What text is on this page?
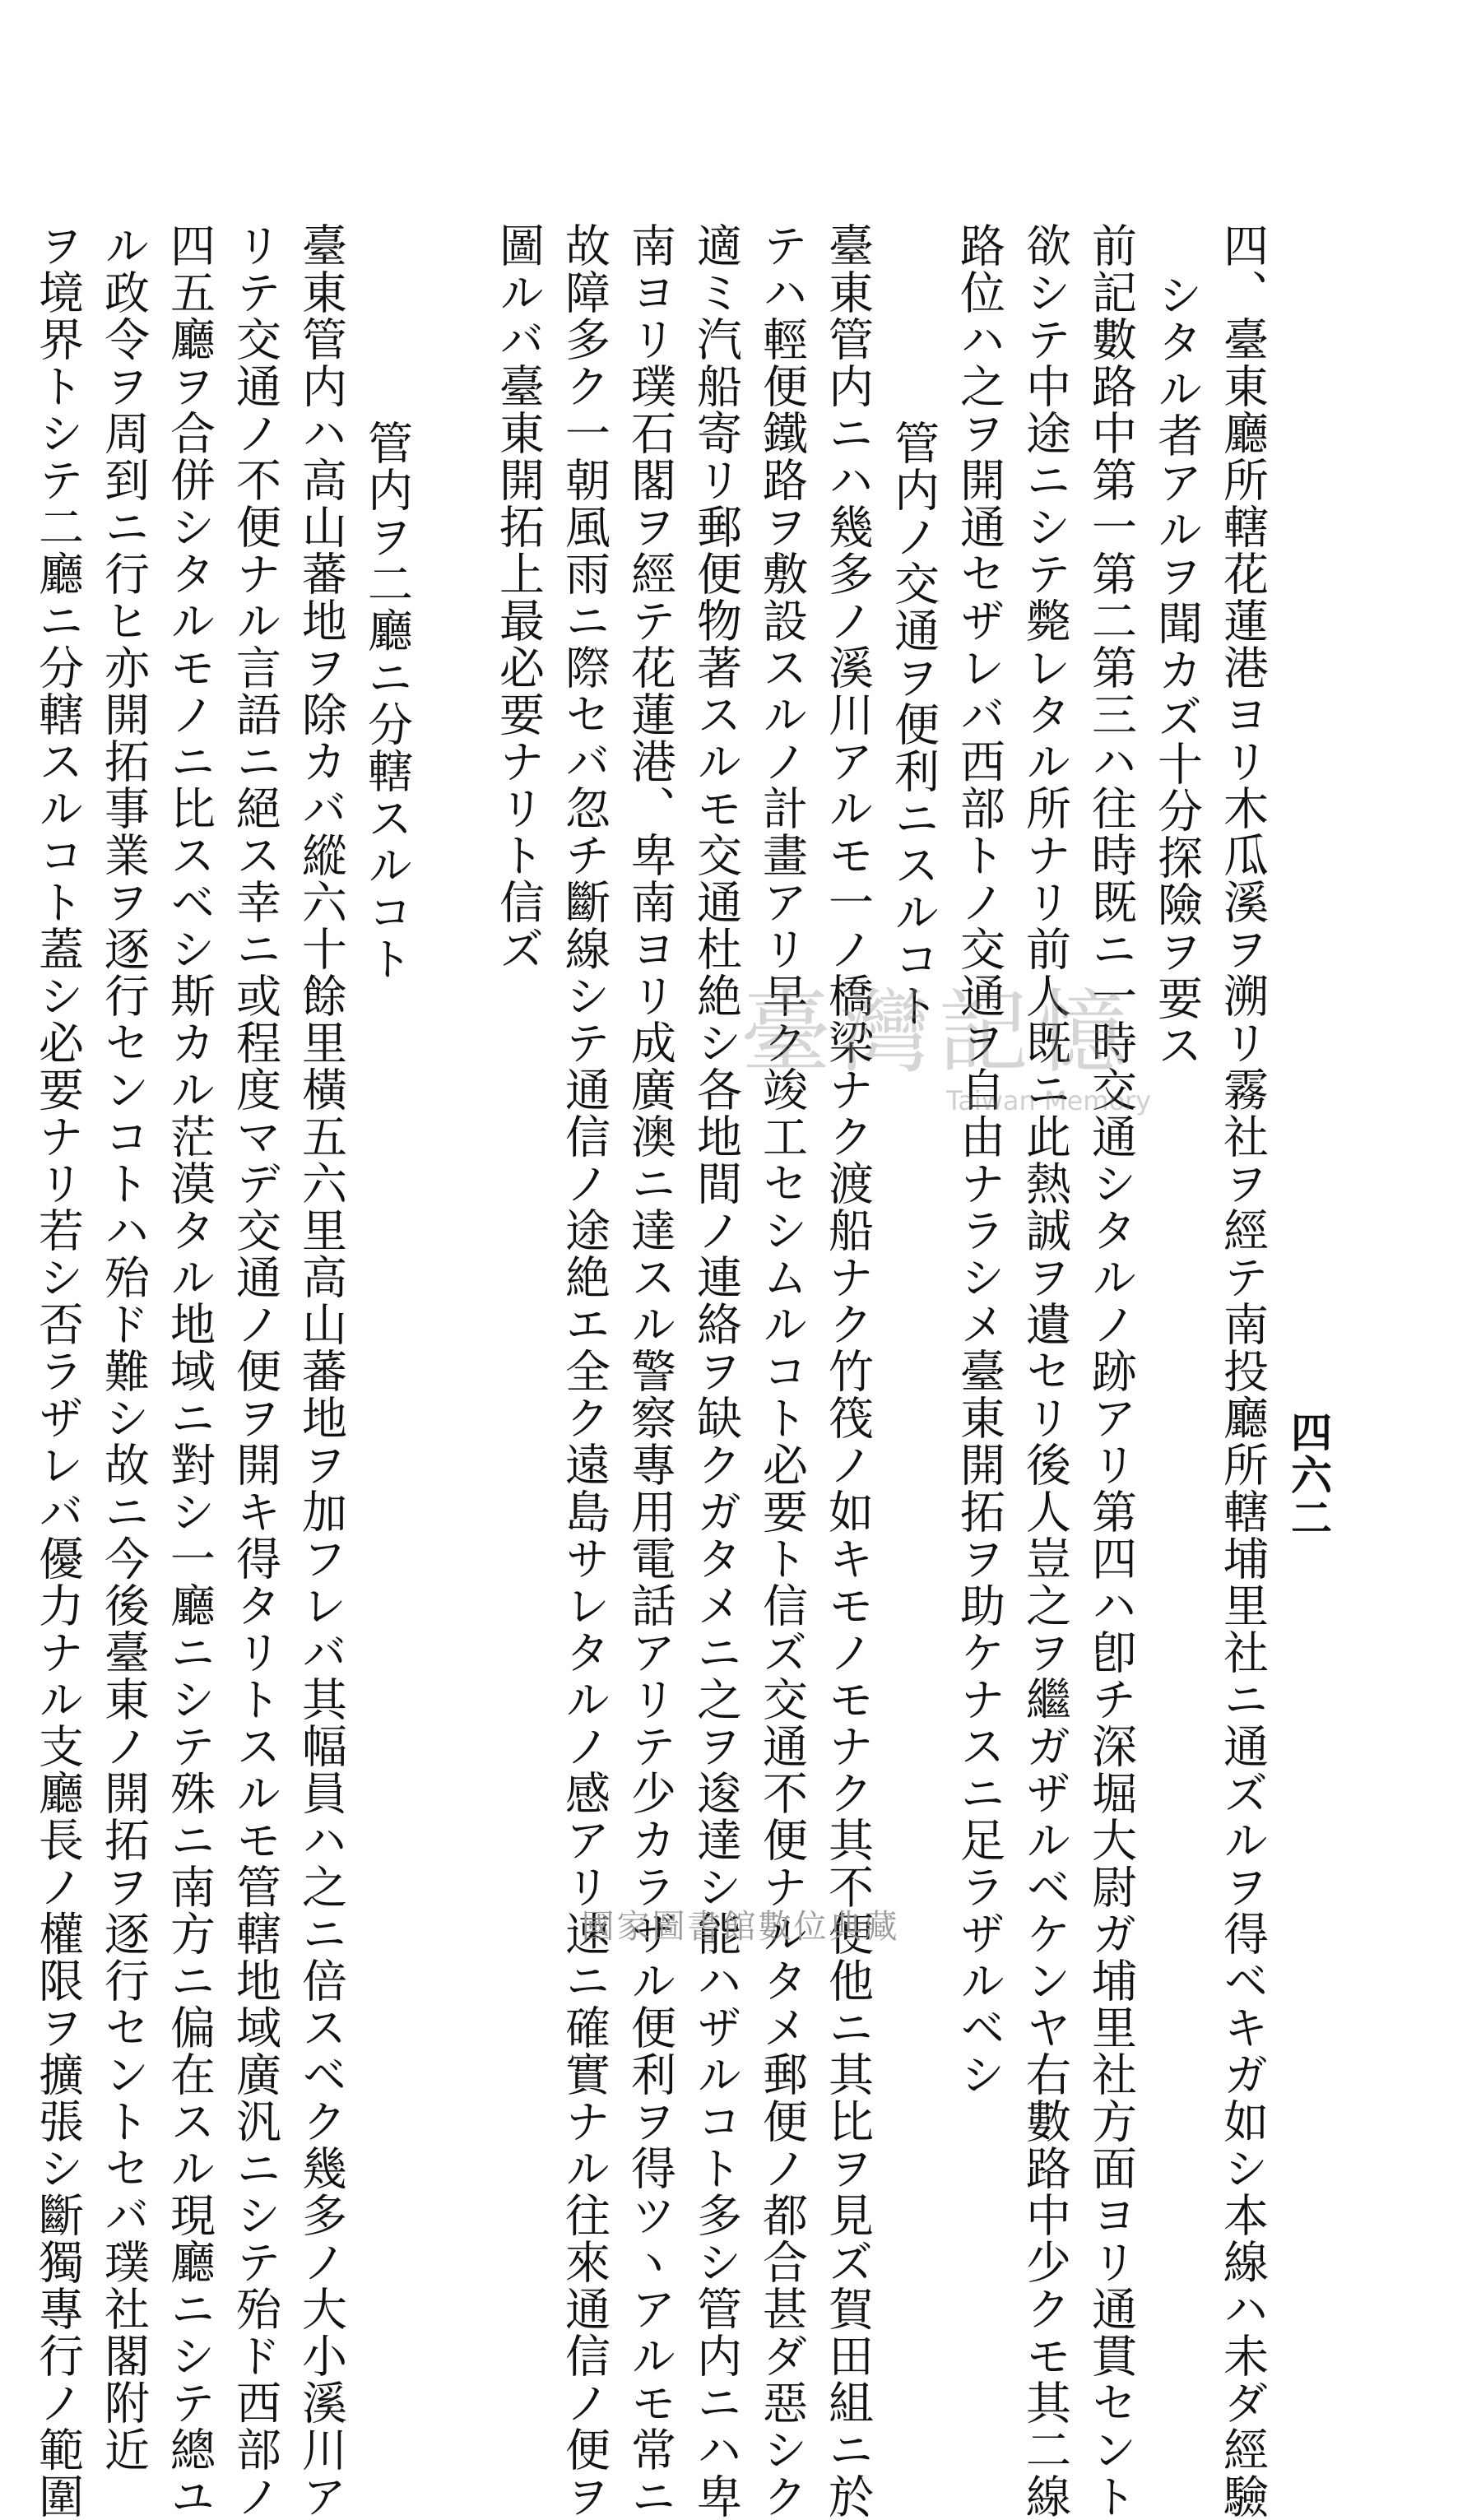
四六二
四、臺東廳所轄花蓮港ヨリ木瓜溪ヲ溯リ霧社ヲ經テ南投廳所轄埔里社ニ通ズルヲ得ベキガ如シ本線ハ未ダ經驗
シタル者アルヲ聞カズ十分探險ヲ要ス
前記數路中第一第二第三ハ往時既ニ一時交通シタルノ跡アリ第四ハ卽チ深堀大尉ガ埔里社方面ヨリ通貫セント
欲シテ中途ニシテ斃レタル所ナリ前人既ニ此熱誠ヲ遺セリ後人豈之ヲ繼ガザルベケンヤ右數路中少クモ其二線
路位ハ之ヲ開通セザレバ西部トノ交通ヲ自由ナラシメ臺東開拓ヲ助ケナスニ足ラザルベシ
管内ノ交通ヲ便利ニスルコト
臺東管内ニハ幾多ノ溪川アルモ一ノ橋梁ナク渡船ナク竹筏ノ如キモノモナク其不便他ニ其比ヲ見ズ賀田組ニ於
テハ輕便鐵路ヲ敷設スルノ計畫アリ早ク竣工セシムルコト必要ト信ズ交通不便ナルタメ郵便ノ都合甚ダ惡シク
適ミ汽船寄リ郵便物著スルモ交通杜絶シ各地間ノ連絡ヲ缺クガタメニ之ヲ逡達シ能ハザルコト多シ管内ニハ卑
南ヨリ璞石閣ヲ經テ花蓮港、卑南ヨリ成廣澳ニ達スル警察專用電話アリテ少カラザル便利ヲ得ツヽアルモ常ニ
故障多ク一朝風雨ニ際セバ忽チ斷線シテ通信ノ途絶エ全ク遠島サレタルノ感アリ速ニ確實ナル往來通信ノ便ヲ
圖ルバ臺東開拓上最必要ナリト信ズ
管内ヲ二廳ニ分轄スルコト
臺東管内ハ高山蕃地ヲ除カバ縱六十餘里橫五六里高山蕃地ヲ加フレバ其幅員ハ之ニ倍スベク幾多ノ大小溪川ア
リテ交通ノ不便ナル言語ニ絕ス幸ニ或程度マデ交通ノ便ヲ開キ得タリトスルモ管轄地域廣汎ニシテ殆ド西部ノ
四五廳ヲ合併シタルモノニ比スベシ斯カル茫漠タル地域ニ對シ一廳ニシテ殊ニ南方ニ偏在スル現廳ニシテ總ユ
ル政令ヲ周到ニ行ヒ亦開拓事業ヲ逐行センコトハ殆ド難シ故ニ今後臺東ノ開拓ヲ逐行セントセバ璞社閣附近
ヲ境界トシテ二廳ニ分轄スルコト蓋シ必要ナリ若シ否ラザレバ優力ナル支廳長ノ權限ヲ擴張シ斷獨專行ノ範圍	臺灣記憶
Taiwan Memory
國家圖書館數位典藏
